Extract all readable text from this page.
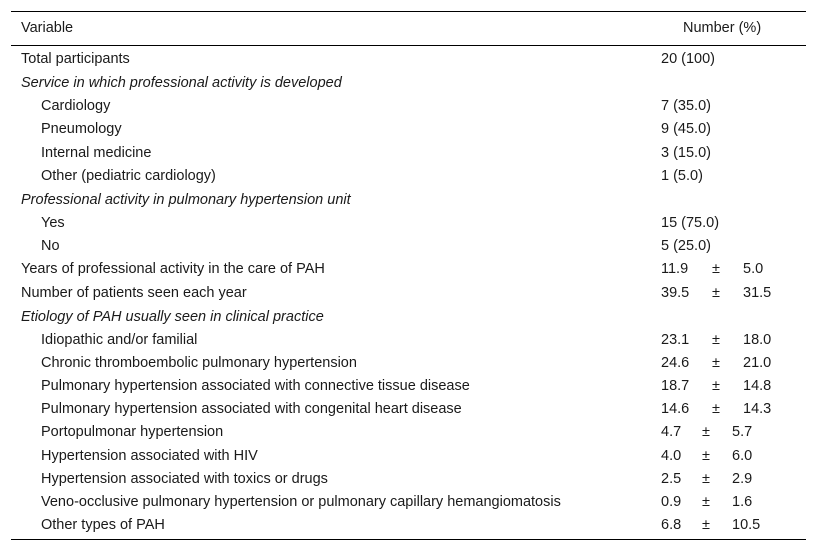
Variable	Number (%)
Total participants	20 (100)
Service in which professional activity is developed
Cardiology	7 (35.0)
Pneumology	9 (45.0)
Internal medicine	3 (15.0)
Other (pediatric cardiology)	1 (5.0)
Professional activity in pulmonary hypertension unit
Yes	15 (75.0)
No	5 (25.0)
Years of professional activity in the care of PAH	11.9 ± 5.0
Number of patients seen each year	39.5 ± 31.5
Etiology of PAH usually seen in clinical practice
Idiopathic and/or familial	23.1 ± 18.0
Chronic thromboembolic pulmonary hypertension	24.6 ± 21.0
Pulmonary hypertension associated with connective tissue disease	18.7 ± 14.8
Pulmonary hypertension associated with congenital heart disease	14.6 ± 14.3
Portopulmonar hypertension	4.7 ± 5.7
Hypertension associated with HIV	4.0 ± 6.0
Hypertension associated with toxics or drugs	2.5 ± 2.9
Veno-occlusive pulmonary hypertension or pulmonary capillary hemangiomatosis	0.9 ± 1.6
Other types of PAH	6.8 ± 10.5
